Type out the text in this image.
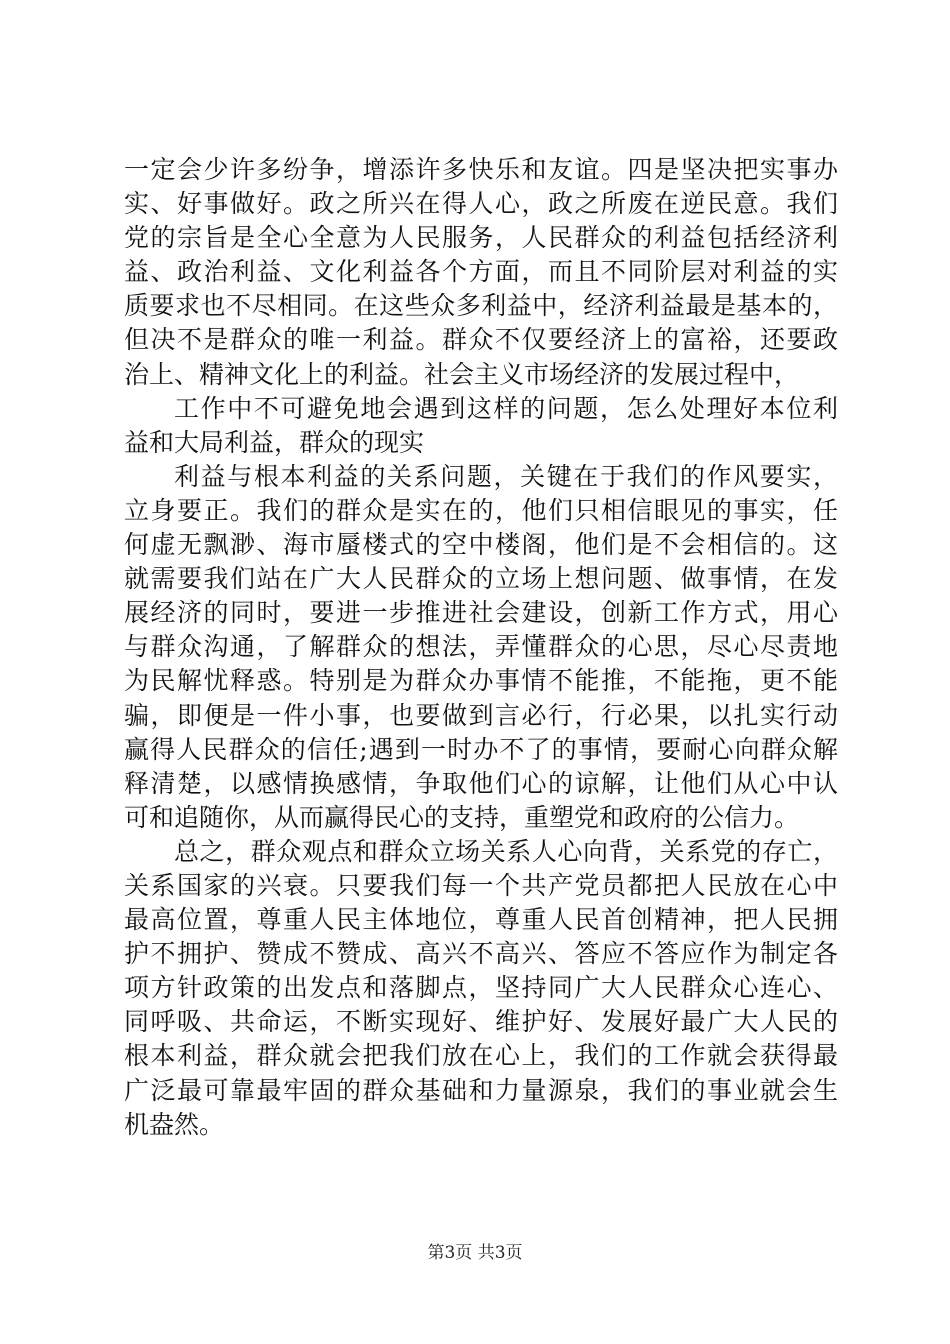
一定会少许多纷争，增添许多快乐和友谊。四是坚决把实事办
实、好事做好。政之所兴在得人心，政之所废在逆民意。我们
党的宗旨是全心全意为人民服务，人民群众的利益包括经济利
益、政治利益、文化利益各个方面，而且不同阶层对利益的实
质要求也不尽相同。在这些众多利益中，经济利益最是基本的，
但决不是群众的唯一利益。群众不仅要经济上的富裕，还要政
治上、精神文化上的利益。社会主义市场经济的发展过程中，
工作中不可避免地会遇到这样的问题，怎么处理好本位利
益和大局利益，群众的现实
利益与根本利益的关系问题，关键在于我们的作风要实，
立身要正。我们的群众是实在的，他们只相信眼见的事实，任
何虚无飘渺、海市蜃楼式的空中楼阁，他们是不会相信的。这
就需要我们站在广大人民群众的立场上想问题、做事情，在发
展经济的同时，要进一步推进社会建设，创新工作方式，用心
与群众沟通，了解群众的想法，弄懂群众的心思，尽心尽责地
为民解忧释惑。特别是为群众办事情不能推，不能拖，更不能
骗，即便是一件小事，也要做到言必行，行必果，以扎实行动
赢得人民群众的信任;遇到一时办不了的事情，要耐心向群众解
释清楚，以感情换感情，争取他们心的谅解，让他们从心中认
可和追随你，从而赢得民心的支持，重塑党和政府的公信力。
总之，群众观点和群众立场关系人心向背，关系党的存亡，
关系国家的兴衰。只要我们每一个共产党员都把人民放在心中
最高位置，尊重人民主体地位，尊重人民首创精神，把人民拥
护不拥护、赞成不赞成、高兴不高兴、答应不答应作为制定各
项方针政策的出发点和落脚点，坚持同广大人民群众心连心、
同呼吸、共命运，不断实现好、维护好、发展好最广大人民的
根本利益，群众就会把我们放在心上，我们的工作就会获得最
广泛最可靠最牢固的群众基础和力量源泉，我们的事业就会生
机盎然。
第3页 共3页
